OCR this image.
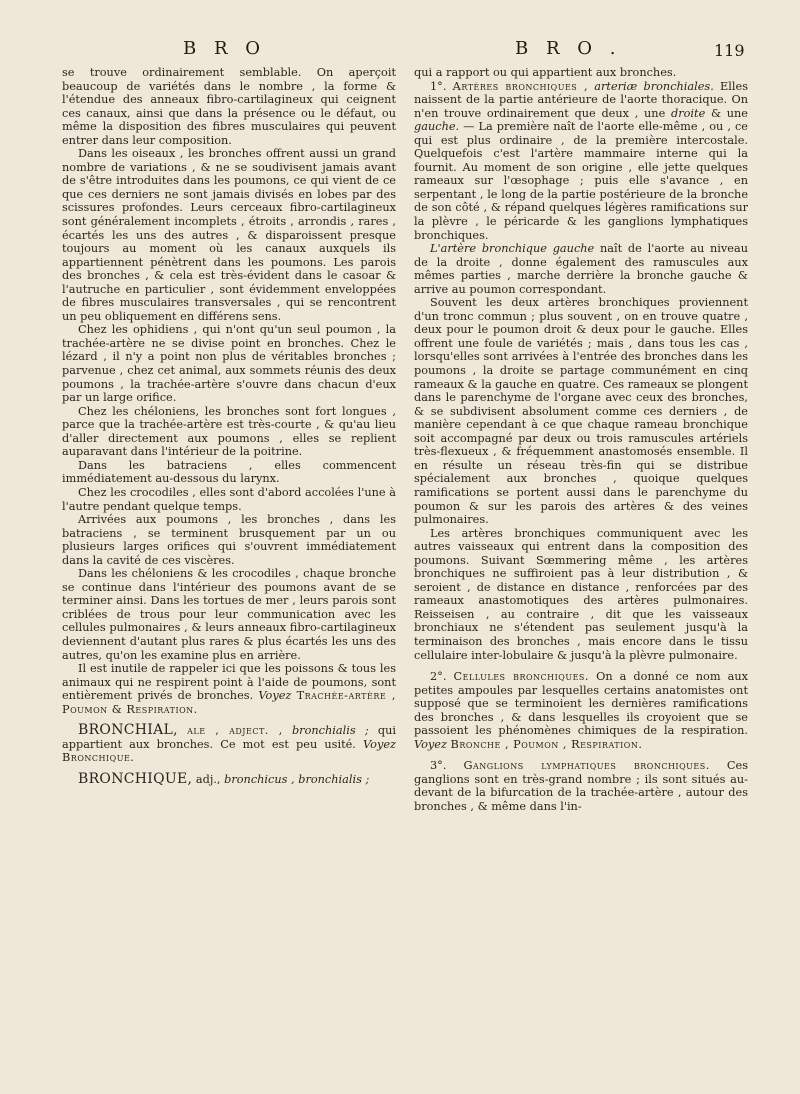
B R O	B R O .	119

se trouve ordinairement semblable. On aperçoit beaucoup de variétés dans le nombre , la forme & l'étendue des anneaux fibro-cartilagineux qui ceignent ces canaux, ainsi que dans la présence ou le défaut, ou même la disposition des fibres musculaires qui peuvent entrer dans leur composition.

Dans les oiseaux , les bronches offrent aussi un grand nombre de variations , & ne se soudivisent jamais avant de s'être introduites dans les poumons, ce qui vient de ce que ces derniers ne sont jamais divisés en lobes par des scissures profondes. Leurs cerceaux fibro-cartilagineux sont généralement incomplets , étroits , arrondis , rares , écartés les uns des autres , & disparoissent presque toujours au moment où les canaux auxquels ils appartiennent pénètrent dans les poumons. Les parois des bronches , & cela est très-évident dans le casoar & l'autruche en particulier , sont évidemment enveloppées de fibres musculaires transversales , qui se rencontrent un peu obliquement en différens sens.

Chez les ophidiens , qui n'ont qu'un seul poumon , la trachée-artère ne se divise point en bronches. Chez le lézard , il n'y a point non plus de véritables bronches ; parvenue , chez cet animal, aux sommets réunis des deux poumons , la trachée-artère s'ouvre dans chacun d'eux par un large orifice.

Chez les chéloniens, les bronches sont fort longues , parce que la trachée-artère est très-courte , & qu'au lieu d'aller directement aux poumons , elles se replient auparavant dans l'intérieur de la poitrine.

Dans les batraciens , elles commencent immédiatement au-dessous du larynx.

Chez les crocodiles , elles sont d'abord accolées l'une à l'autre pendant quelque temps.

Arrivées aux poumons , les bronches , dans les batraciens , se terminent brusquement par un ou plusieurs larges orifices qui s'ouvrent immédiatement dans la cavité de ces viscères.

Dans les chéloniens & les crocodiles , chaque bronche se continue dans l'intérieur des poumons avant de se terminer ainsi. Dans les tortues de mer , leurs parois sont criblées de trous pour leur communication avec les cellules pulmonaires , & leurs anneaux fibro-cartilagineux deviennent d'autant plus rares & plus écartés les uns des autres, qu'on les examine plus en arrière.

Il est inutile de rappeler ici que les poissons & tous les animaux qui ne respirent point à l'aide de poumons, sont entièrement privés de bronches. Voyez Trachée-artère , Poumon & Respiration.

BRONCHIAL, ale , adject. , bronchialis ; qui appartient aux bronches. Ce mot est peu usité. Voyez Bronchique.

BRONCHIQUE, adj., bronchicus , bronchialis ;

qui a rapport ou qui appartient aux bronches.

1°. Artères bronchiques , arteriæ bronchiales. Elles naissent de la partie antérieure de l'aorte thoracique. On n'en trouve ordinairement que deux , une droite & une gauche. — La première naît de l'aorte elle-même , ou , ce qui est plus ordinaire , de la première intercostale. Quelquefois c'est l'artère mammaire interne qui la fournit. Au moment de son origine , elle jette quelques rameaux sur l'œsophage ; puis elle s'avance , en serpentant , le long de la partie postérieure de la bronche de son côté , & répand quelques légères ramifications sur la plèvre , le péricarde & les ganglions lymphatiques bronchiques.

L'artère bronchique gauche naît de l'aorte au niveau de la droite , donne également des ramuscules aux mêmes parties , marche derrière la bronche gauche & arrive au poumon correspondant.

Souvent les deux artères bronchiques proviennent d'un tronc commun ; plus souvent , on en trouve quatre , deux pour le poumon droit & deux pour le gauche. Elles offrent une foule de variétés ; mais , dans tous les cas , lorsqu'elles sont arrivées à l'entrée des bronches dans les poumons , la droite se partage communément en cinq rameaux & la gauche en quatre. Ces rameaux se plongent dans le parenchyme de l'organe avec ceux des bronches, & se subdivisent absolument comme ces derniers , de manière cependant à ce que chaque rameau bronchique soit accompagné par deux ou trois ramuscules artériels très-flexueux , & fréquemment anastomosés ensemble. Il en résulte un réseau très-fin qui se distribue spécialement aux bronches , quoique quelques ramifications se portent aussi dans le parenchyme du poumon & sur les parois des artères & des veines pulmonaires.

Les artères bronchiques communiquent avec les autres vaisseaux qui entrent dans la composition des poumons. Suivant Sœmmering même , les artères bronchiques ne suffiroient pas à leur distribution , & seroient , de distance en distance , renforcées par des rameaux anastomotiques des artères pulmonaires. Reisseisen , au contraire , dit que les vaisseaux bronchiaux ne s'étendent pas seulement jusqu'à la terminaison des bronches , mais encore dans le tissu cellulaire inter-lobulaire & jusqu'à la plèvre pulmonaire.

2°. Cellules bronchiques. On a donné ce nom aux petites ampoules par lesquelles certains anatomistes ont supposé que se terminoient les dernières ramifications des bronches , & dans lesquelles ils croyoient que se passoient les phénomènes chimiques de la respiration. Voyez Bronche , Poumon , Respiration.

3°. Ganglions lymphatiques bronchiques. Ces ganglions sont en très-grand nombre ; ils sont situés au-devant de la bifurcation de la trachée-artère , autour des bronches , & même dans l'in-
